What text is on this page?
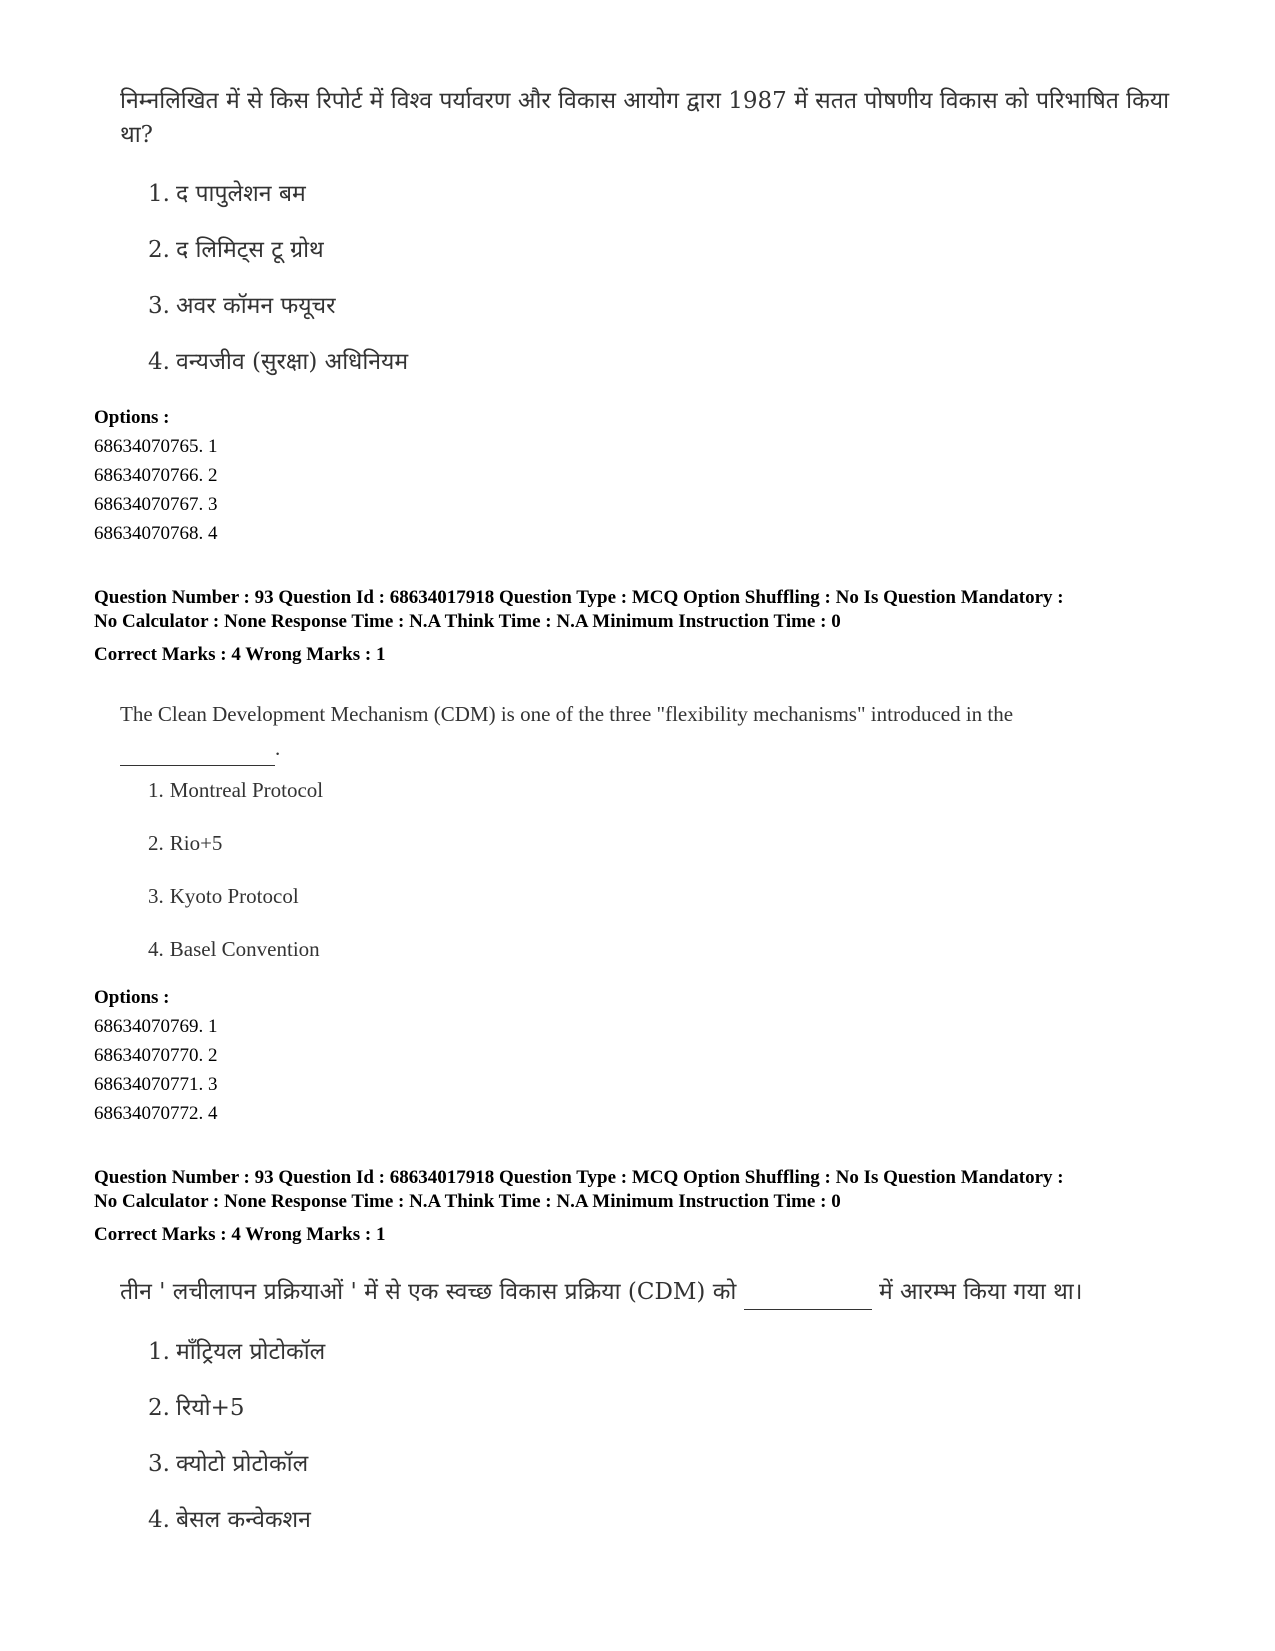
निम्नलिखित में से किस रिपोर्ट में विश्व पर्यावरण और विकास आयोग द्वारा 1987 में सतत पोषणीय विकास को परिभाषित किया था?
1. द पापुलेशन बम
2. द लिमिट्स टू ग्रोथ
3. अवर कॉमन फयूचर
4. वन्यजीव (सुरक्षा) अधिनियम
Options :
68634070765. 1
68634070766. 2
68634070767. 3
68634070768. 4
Question Number : 93 Question Id : 68634017918 Question Type : MCQ Option Shuffling : No Is Question Mandatory :
No Calculator : None Response Time : N.A Think Time : N.A Minimum Instruction Time : 0
Correct Marks : 4 Wrong Marks : 1
The Clean Development Mechanism (CDM) is one of the three "flexibility mechanisms" introduced in the
.
1. Montreal Protocol
2. Rio+5
3. Kyoto Protocol
4. Basel Convention
Options :
68634070769. 1
68634070770. 2
68634070771. 3
68634070772. 4
Question Number : 93 Question Id : 68634017918 Question Type : MCQ Option Shuffling : No Is Question Mandatory :
No Calculator : None Response Time : N.A Think Time : N.A Minimum Instruction Time : 0
Correct Marks : 4 Wrong Marks : 1
तीन ' लचीलापन प्रक्रियाओं ' में से एक स्वच्छ विकास प्रक्रिया (CDM) को	में आरम्भ किया गया था।
1. मॉंट्रियल प्रोटोकॉल
2. रियो+5
3. क्योटो प्रोटोकॉल
4. बेसल कन्वेकशन
